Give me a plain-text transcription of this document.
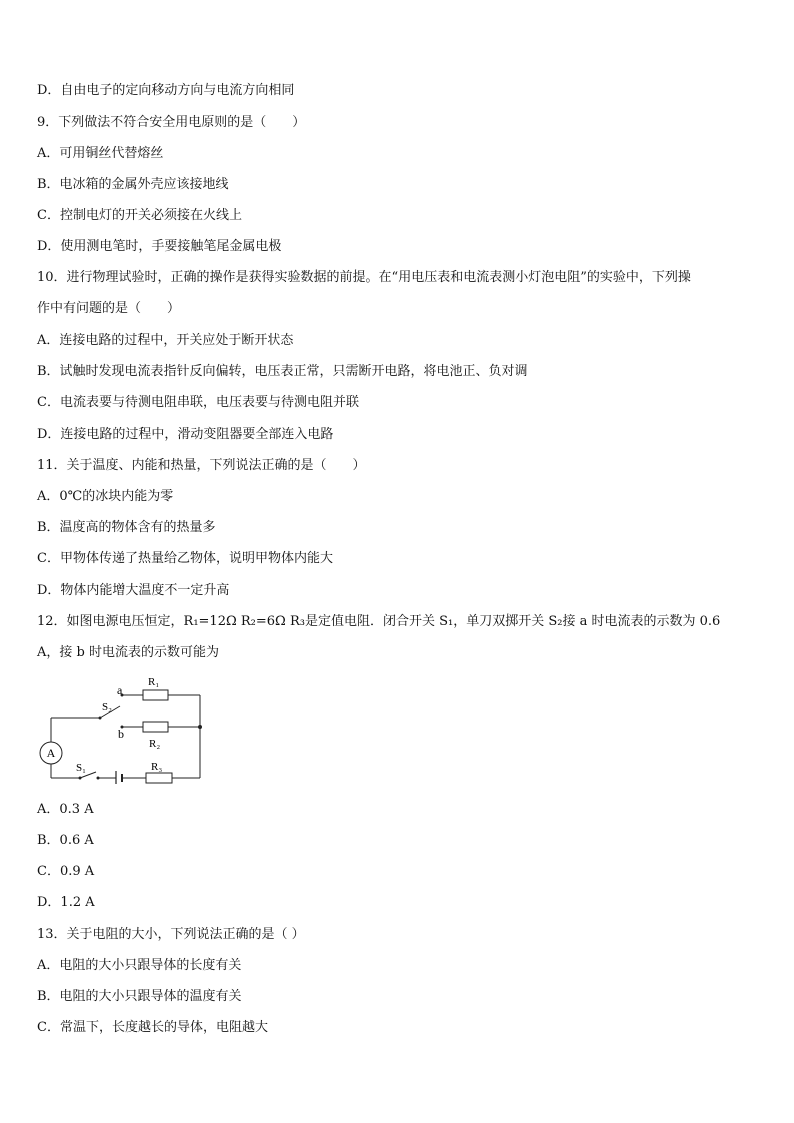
D．自由电子的定向移动方向与电流方向相同
9．下列做法不符合安全用电原则的是（　　）
A．可用铜丝代替熔丝
B．电冰箱的金属外壳应该接地线
C．控制电灯的开关必须接在火线上
D．使用测电笔时，手要接触笔尾金属电极
10．进行物理试验时，正确的操作是获得实验数据的前提。在“用电压表和电流表测小灯泡电阻”的实验中，下列操
作中有问题的是（　　）
A．连接电路的过程中，开关应处于断开状态
B．试触时发现电流表指针反向偏转，电压表正常，只需断开电路，将电池正、负对调
C．电流表要与待测电阻串联，电压表要与待测电阻并联
D．连接电路的过程中，滑动变阻器要全部连入电路
11．关于温度、内能和热量，下列说法正确的是（　　）
A．0℃的冰块内能为零
B．温度高的物体含有的热量多
C．甲物体传递了热量给乙物体，说明甲物体内能大
D．物体内能增大温度不一定升高
12．如图电源电压恒定，R₁=12Ω R₂=6Ω R₃是定值电阻．闭合开关 S₁，单刀双掷开关 S₂接 a 时电流表的示数为 0.6
A，接 b 时电流表的示数可能为
A
a
b
R₁
R₂
R₃
S₁
S₂
A．0.3 A
B．0.6 A
C．0.9 A
D．1.2 A
13．关于电阻的大小，下列说法正确的是（ ）
A．电阻的大小只跟导体的长度有关
B．电阻的大小只跟导体的温度有关
C．常温下，长度越长的导体，电阻越大
